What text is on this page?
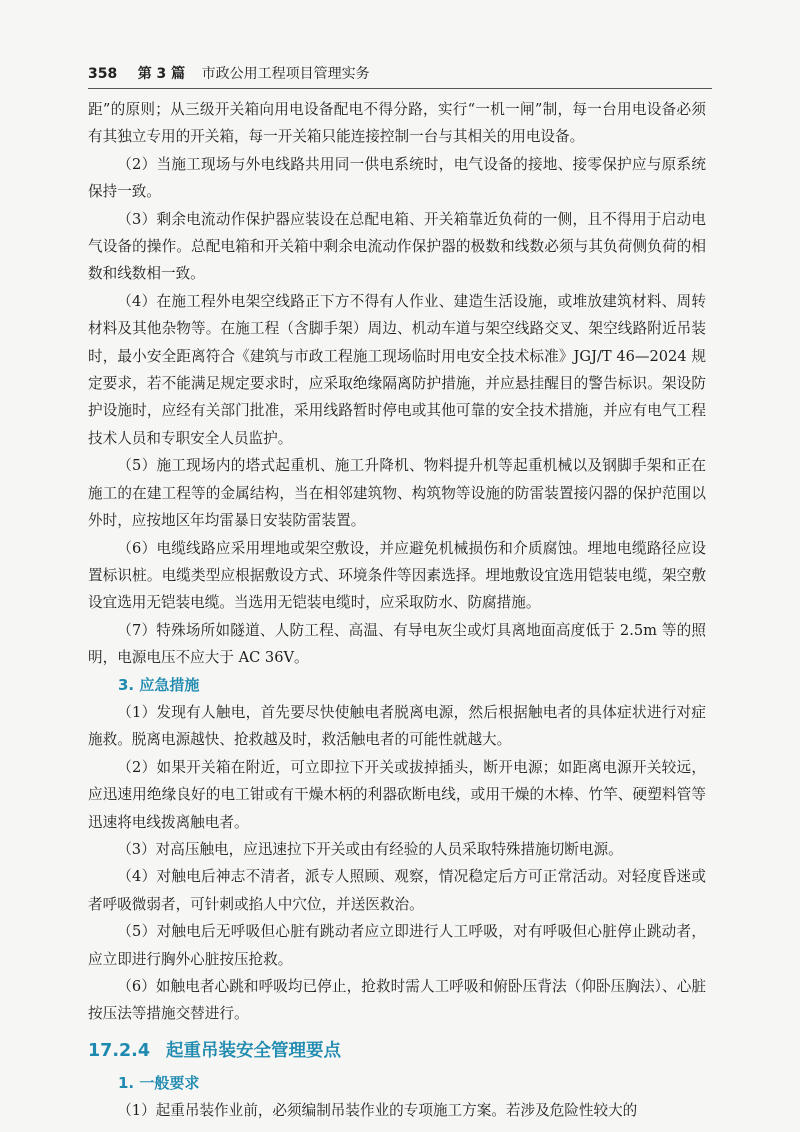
358 第 3 篇 市政公用工程项目管理实务

距”的原则；从三级开关箱向用电设备配电不得分路，实行“一机一闸”制，每一台用电设备必须有其独立专用的开关箱，每一开关箱只能连接控制一台与其相关的用电设备。

（2）当施工现场与外电线路共用同一供电系统时，电气设备的接地、接零保护应与原系统保持一致。

（3）剩余电流动作保护器应装设在总配电箱、开关箱靠近负荷的一侧，且不得用于启动电气设备的操作。总配电箱和开关箱中剩余电流动作保护器的极数和线数必须与其负荷侧负荷的相数和线数相一致。

（4）在施工程外电架空线路正下方不得有人作业、建造生活设施，或堆放建筑材料、周转材料及其他杂物等。在施工程（含脚手架）周边、机动车道与架空线路交叉、架空线路附近吊装时，最小安全距离符合《建筑与市政工程施工现场临时用电安全技术标准》JGJ/T 46—2024 规定要求，若不能满足规定要求时，应采取绝缘隔离防护措施，并应悬挂醒目的警告标识。架设防护设施时，应经有关部门批准，采用线路暂时停电或其他可靠的安全技术措施，并应有电气工程技术人员和专职安全人员监护。

（5）施工现场内的塔式起重机、施工升降机、物料提升机等起重机械以及钢脚手架和正在施工的在建工程等的金属结构，当在相邻建筑物、构筑物等设施的防雷装置接闪器的保护范围以外时，应按地区年均雷暴日安装防雷装置。

（6）电缆线路应采用埋地或架空敷设，并应避免机械损伤和介质腐蚀。埋地电缆路径应设置标识桩。电缆类型应根据敷设方式、环境条件等因素选择。埋地敷设宜选用铠装电缆，架空敷设宜选用无铠装电缆。当选用无铠装电缆时，应采取防水、防腐措施。

（7）特殊场所如隧道、人防工程、高温、有导电灰尘或灯具离地面高度低于 2.5m 等的照明，电源电压不应大于 AC 36V。

3. 应急措施

（1）发现有人触电，首先要尽快使触电者脱离电源，然后根据触电者的具体症状进行对症施救。脱离电源越快、抢救越及时，救活触电者的可能性就越大。

（2）如果开关箱在附近，可立即拉下开关或拔掉插头，断开电源；如距离电源开关较远，应迅速用绝缘良好的电工钳或有干燥木柄的利器砍断电线，或用干燥的木棒、竹竿、硬塑料管等迅速将电线拨离触电者。

（3）对高压触电，应迅速拉下开关或由有经验的人员采取特殊措施切断电源。

（4）对触电后神志不清者，派专人照顾、观察，情况稳定后方可正常活动。对轻度昏迷或者呼吸微弱者，可针刺或掐人中穴位，并送医救治。

（5）对触电后无呼吸但心脏有跳动者应立即进行人工呼吸，对有呼吸但心脏停止跳动者，应立即进行胸外心脏按压抢救。

（6）如触电者心跳和呼吸均已停止，抢救时需人工呼吸和俯卧压背法（仰卧压胸法）、心脏按压法等措施交替进行。

17.2.4 起重吊装安全管理要点
1. 一般要求

（1）起重吊装作业前，必须编制吊装作业的专项施工方案。若涉及危险性较大的
